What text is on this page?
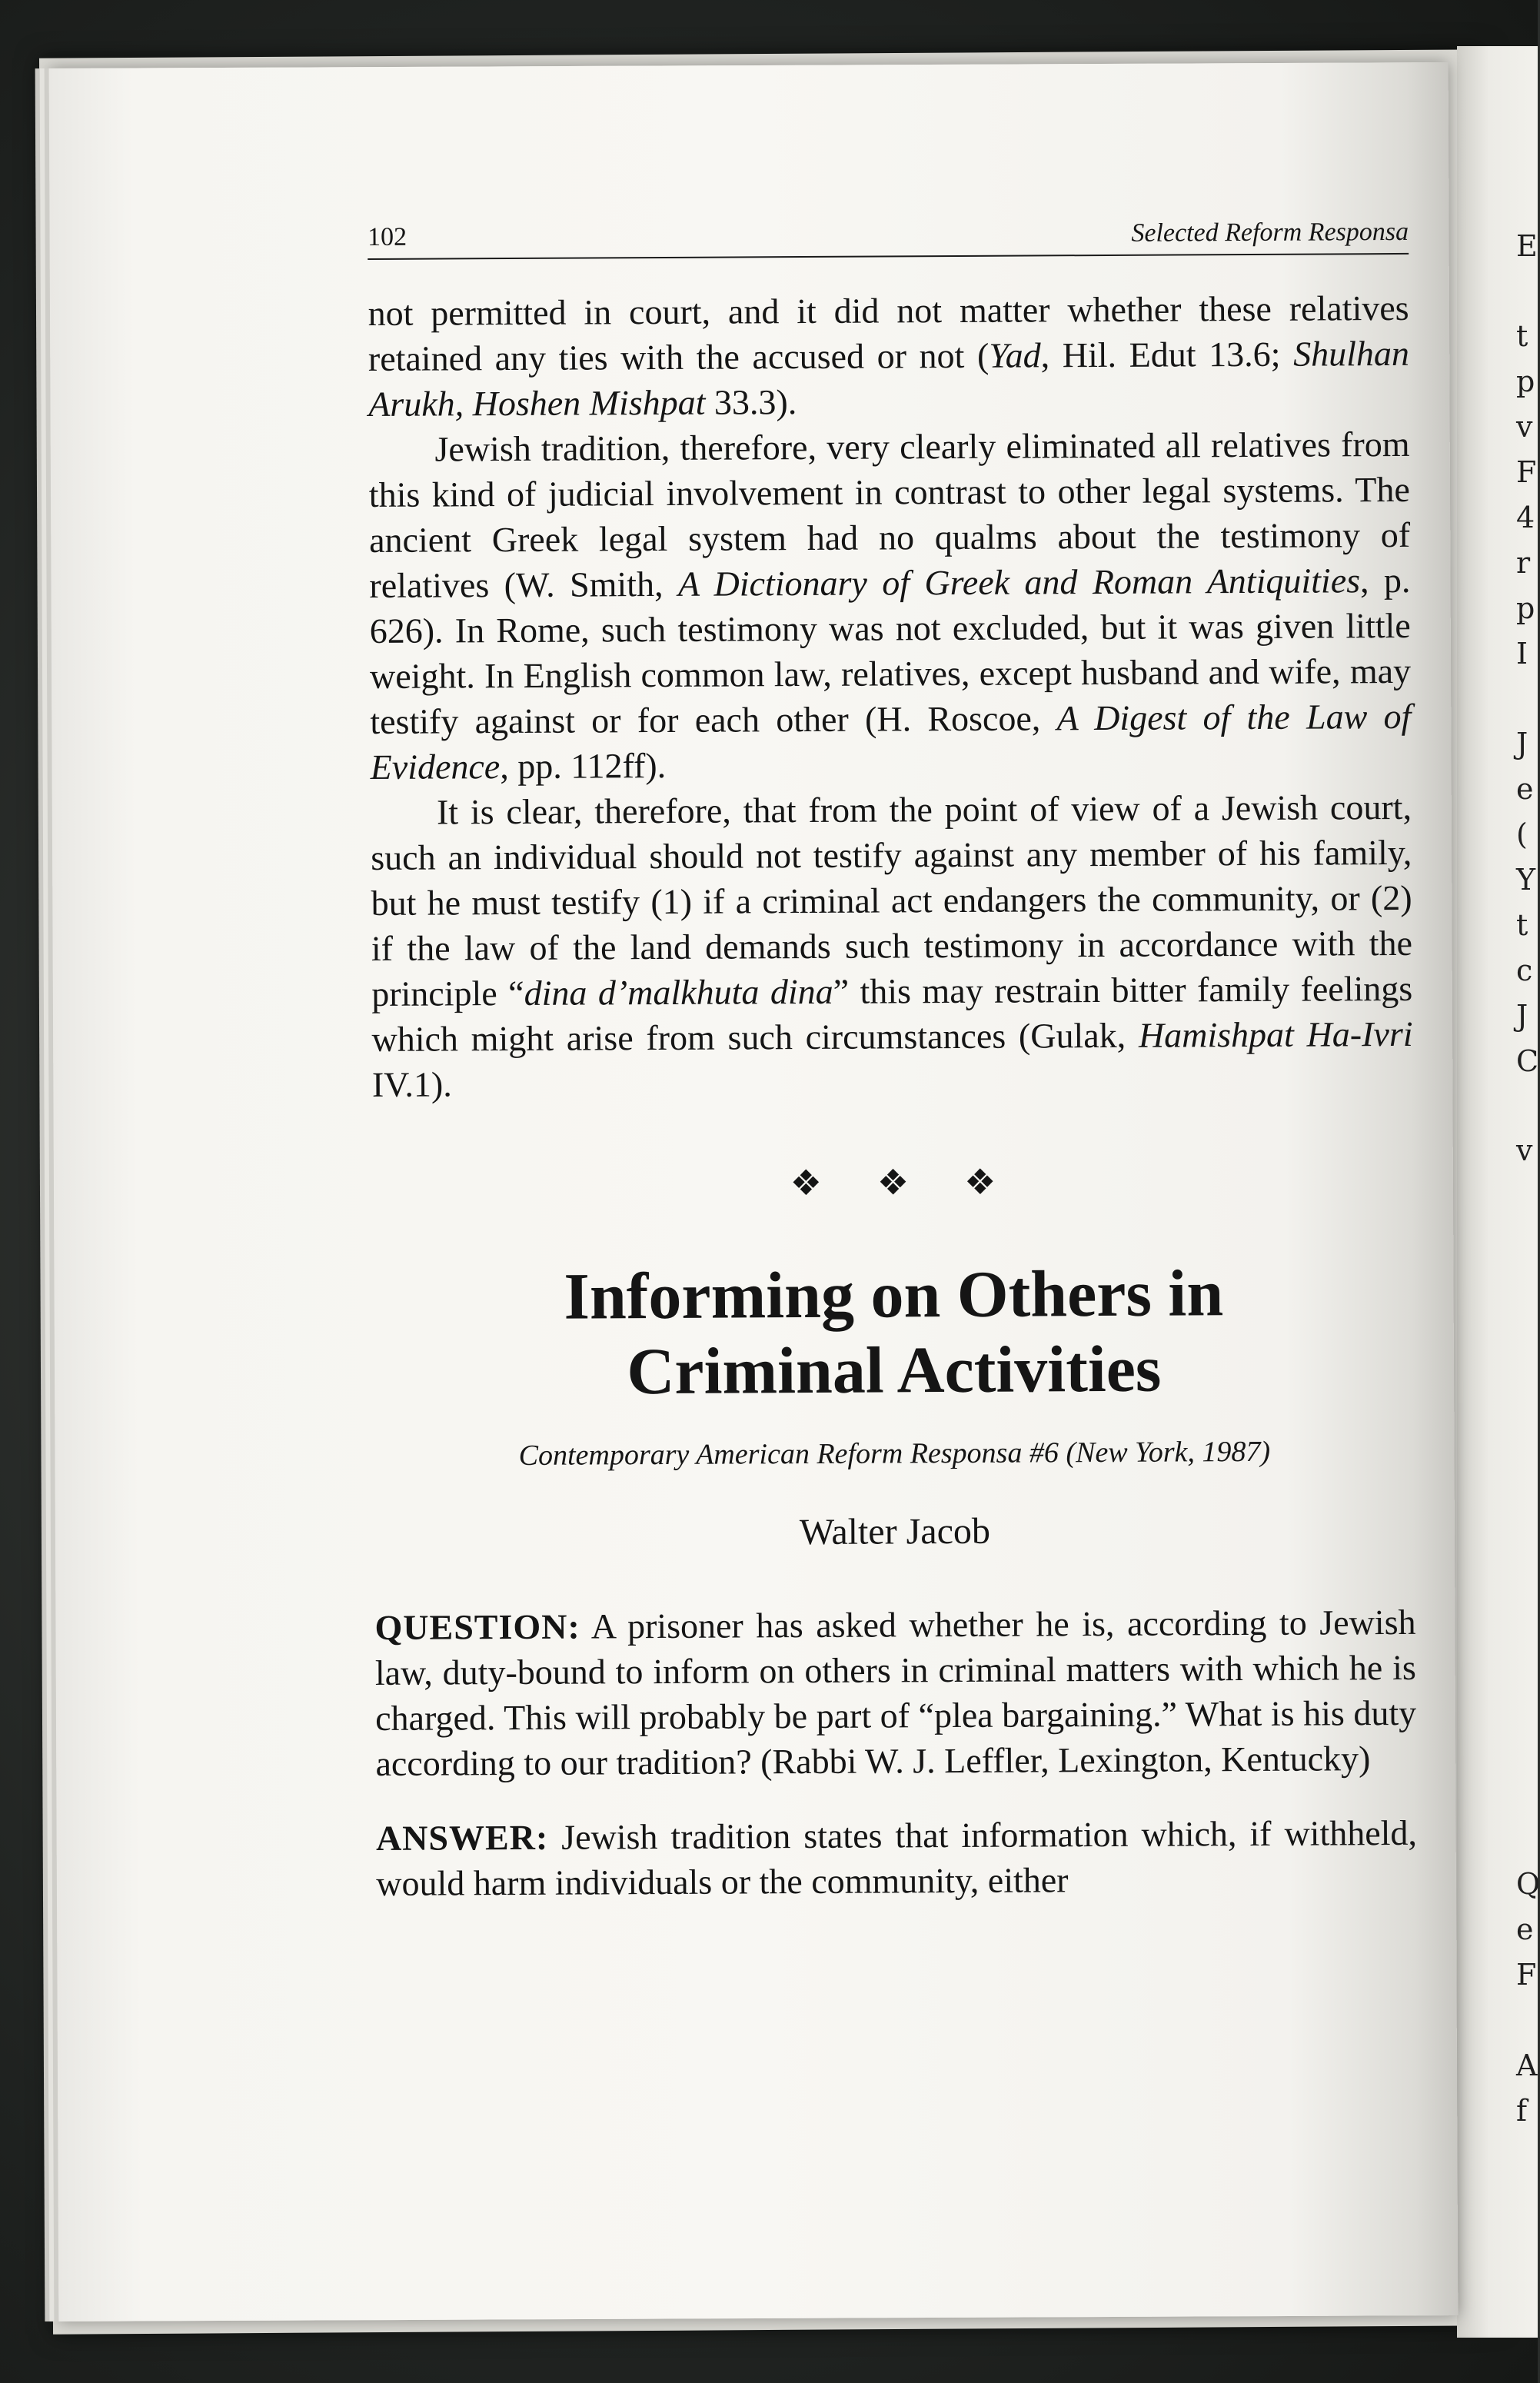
E
t
p
v
F
4
r
p
I
J
e
(
Y
t
c
J
C
v
Q
e
F
A
f
102	Selected Reform Responsa

not permitted in court, and it did not matter whether these relatives retained any ties with the accused or not (Yad, Hil. Edut 13.6; Shulhan Arukh, Hoshen Mishpat 33.3).

Jewish tradition, therefore, very clearly eliminated all relatives from this kind of judicial involvement in contrast to other legal systems. The ancient Greek legal system had no qualms about the testimony of relatives (W. Smith, A Dictionary of Greek and Roman Antiquities, p. 626). In Rome, such testimony was not excluded, but it was given little weight. In English common law, relatives, except husband and wife, may testify against or for each other (H. Roscoe, A Digest of the Law of Evidence, pp. 112ff).

It is clear, therefore, that from the point of view of a Jewish court, such an individual should not testify against any member of his family, but he must testify (1) if a criminal act endangers the community, or (2) if the law of the land demands such testimony in accordance with the principle “dina d’malkhuta dina” this may restrain bitter family feelings which might arise from such circumstances (Gulak, Hamishpat Ha-Ivri IV.1).

❖ ❖ ❖
Informing on Others in
Criminal Activities
Contemporary American Reform Responsa #6 (New York, 1987)
Walter Jacob

QUESTION: A prisoner has asked whether he is, according to Jewish law, duty-bound to inform on others in criminal matters with which he is charged. This will probably be part of “plea bargaining.” What is his duty according to our tradition? (Rabbi W. J. Leffler, Lexington, Kentucky)

ANSWER: Jewish tradition states that information which, if withheld, would harm individuals or the community, either
